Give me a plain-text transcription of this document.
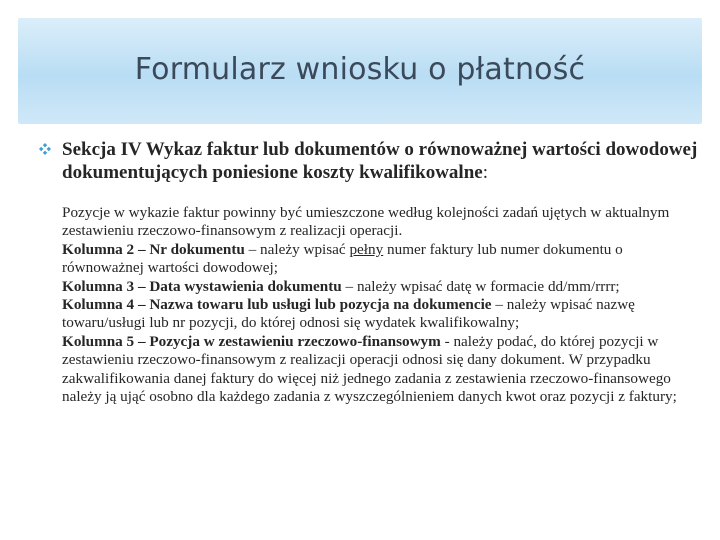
Formularz wniosku o płatność
Sekcja IV Wykaz faktur lub dokumentów o równoważnej wartości dowodowej dokumentujących poniesione koszty kwalifikowalne:

Pozycje w wykazie faktur powinny być umieszczone według kolejności zadań ujętych w aktualnym zestawieniu rzeczowo-finansowym z realizacji operacji.

Kolumna 2 – Nr dokumentu – należy wpisać pełny numer faktury lub numer dokumentu o równoważnej wartości dowodowej;

Kolumna 3 – Data wystawienia dokumentu – należy wpisać datę w formacie dd/mm/rrrr;

Kolumna 4 – Nazwa towaru lub usługi lub pozycja na dokumencie – należy wpisać nazwę towaru/usługi lub nr pozycji, do której odnosi się wydatek kwalifikowalny;

Kolumna 5 – Pozycja w zestawieniu rzeczowo-finansowym - należy podać, do której pozycji w zestawieniu rzeczowo-finansowym z realizacji operacji odnosi się dany dokument. W przypadku zakwalifikowania danej faktury do więcej niż jednego zadania z zestawienia rzeczowo-finansowego należy ją ująć osobno dla każdego zadania z wyszczególnieniem danych kwot oraz pozycji z faktury;
